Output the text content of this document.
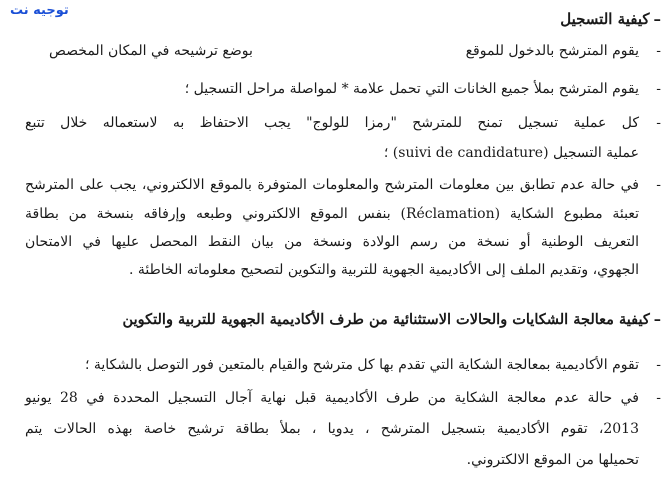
توجيه نت	–كيفية التسجيل
-
يقوم المترشح بالدخول للموقع
بوضع ترشيحه في المكان المخصص
-
يقوم المترشح بملأ جميع الخانات التي تحمل علامة * لمواصلة مراحل التسجيل ؛
-
كل عملية تسجيل تمنح للمترشح "رمزا للولوج" يجب الاحتفاظ به لاستعماله خلال تتبع
عملية التسجيل (suivi de candidature) ؛
-
في حالة عدم تطابق بين معلومات المترشح والمعلومات المتوفرة بالموقع الالكتروني، يجب على المترشح
تعبئة مطبوع الشكاية (Réclamation) بنفس الموقع الالكتروني وطبعه وإرفاقه بنسخة من بطاقة
التعريف الوطنية أو نسخة من رسم الولادة ونسخة من بيان النقط المحصل عليها في الامتحان
الجهوي، وتقديم الملف إلى الأكاديمية الجهوية للتربية والتكوين لتصحيح معلوماته الخاطئة .
–كيفية معالجة الشكايات والحالات الاستثنائية من طرف الأكاديمية الجهوية للتربية والتكوين
-
تقوم الأكاديمية بمعالجة الشكاية التي تقدم بها كل مترشح والقيام بالمتعين فور التوصل بالشكاية ؛
-
في حالة عدم معالجة الشكاية من طرف الأكاديمية قبل نهاية آجال التسجيل المحددة في 28 يونيو
2013، تقوم الأكاديمية بتسجيل المترشح ، يدويا ، بملأ بطاقة ترشيح خاصة بهذه الحالات يتم
تحميلها من الموقع الالكتروني.
